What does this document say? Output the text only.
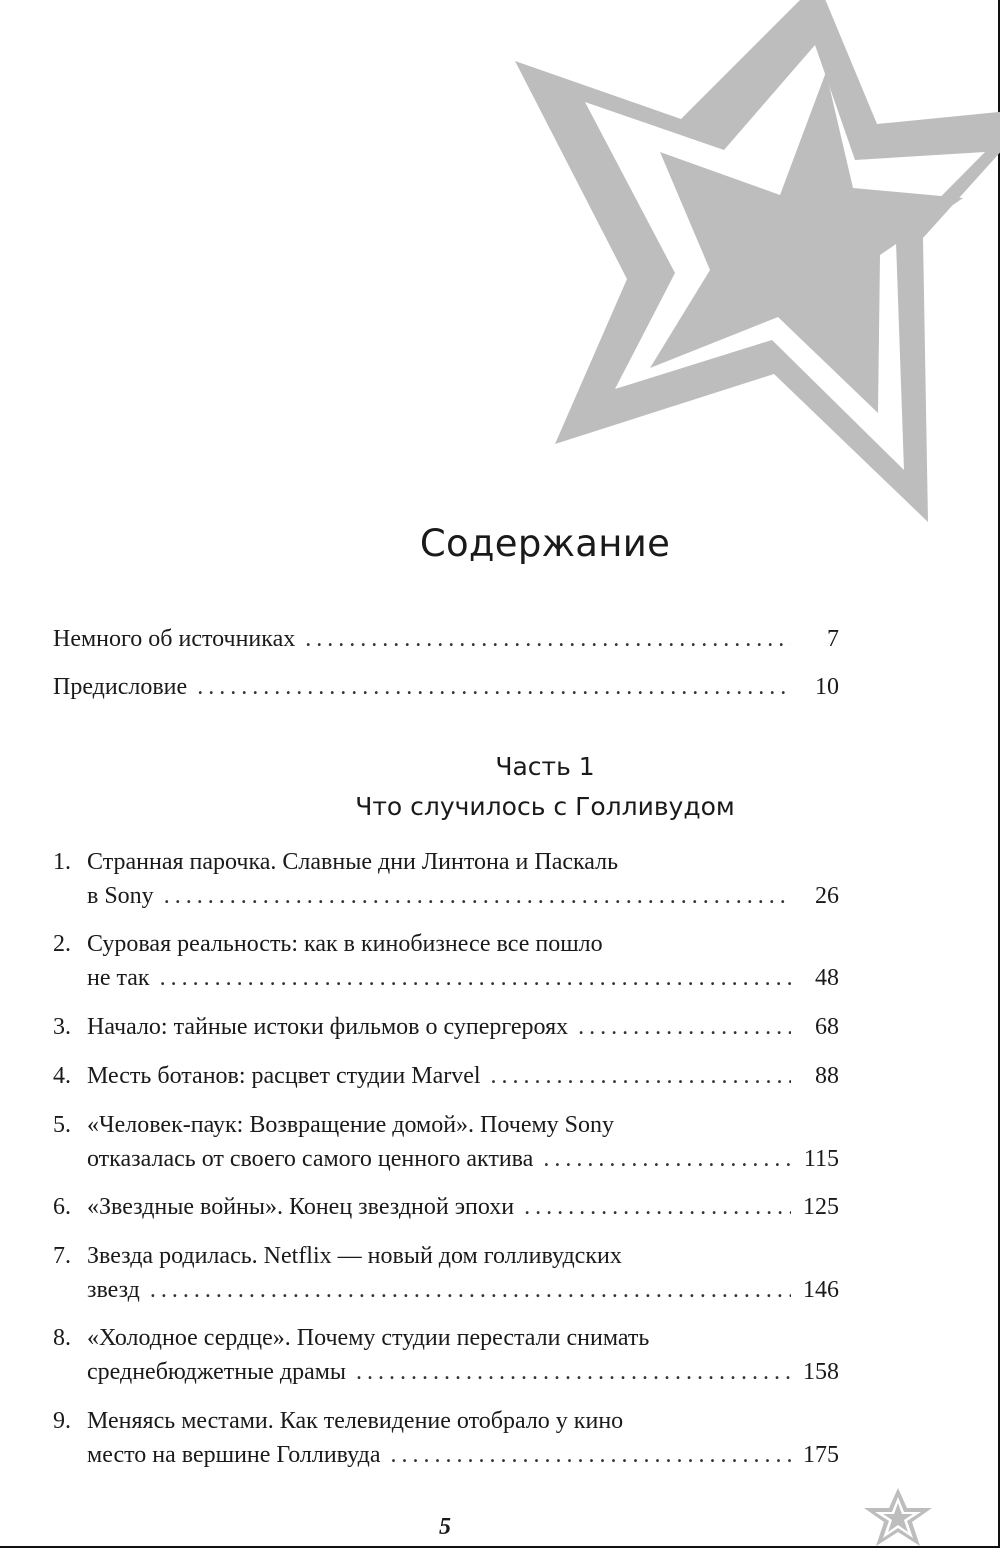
Содержание
Немного об источниках . . .	7
Предисловие . . .	10
Часть 1
Что случилось с Голливудом
1. Странная парочка. Славные дни Линтона и Паскаль
в Sony . . .	26
2. Суровая реальность: как в кинобизнесе все пошло
не так . . .	48
3. Начало: тайные истоки фильмов о супергероях . . .	68
4. Месть ботанов: расцвет студии Marvel . . .	88
5. «Человек-паук: Возвращение домой». Почему Sony
отказалась от своего самого ценного актива . . .	115
6. «Звездные войны». Конец звездной эпохи . . .	125
7. Звезда родилась. Netflix — новый дом голливудских
звезд . . .	146
8. «Холодное сердце». Почему студии перестали снимать
среднебюджетные драмы . . .	158
9. Меняясь местами. Как телевидение отобрало у кино
место на вершине Голливуда . . .	175
5
